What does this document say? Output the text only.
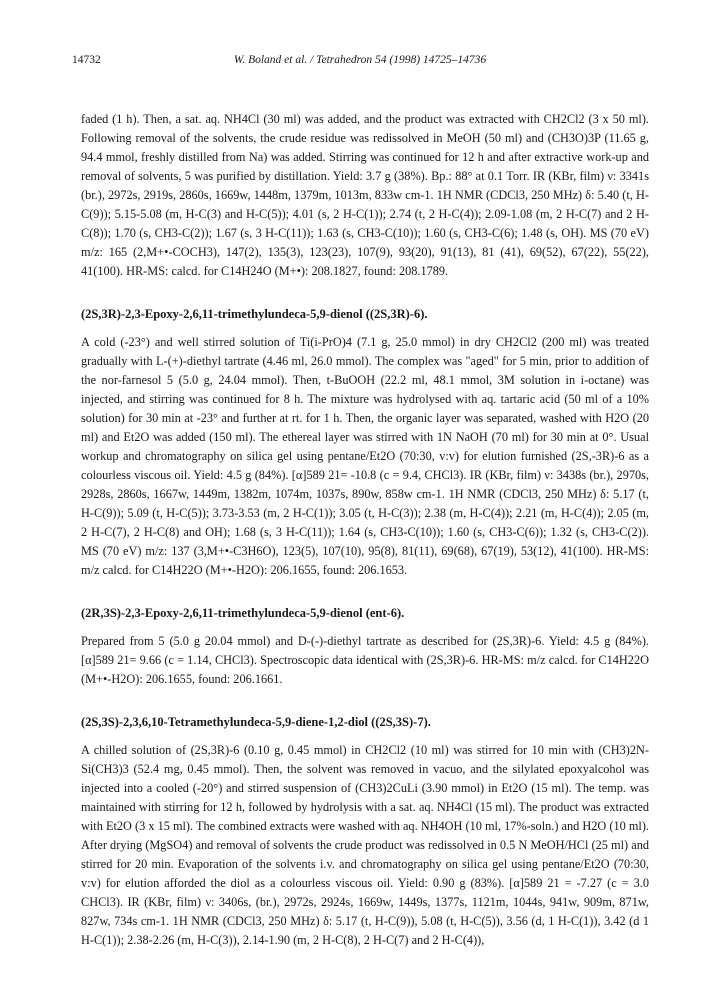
14732	W. Boland et al. / Tetrahedron 54 (1998) 14725–14736

faded (1 h). Then, a sat. aq. NH4Cl (30 ml) was added, and the product was extracted with CH2Cl2 (3 x 50 ml). Following removal of the solvents, the crude residue was redissolved in MeOH (50 ml) and (CH3O)3P (11.65 g, 94.4 mmol, freshly distilled from Na) was added. Stirring was continued for 12 h and after extractive work-up and removal of solvents, 5 was purified by distillation. Yield: 3.7 g (38%). Bp.: 88° at 0.1 Torr. IR (KBr, film) ν: 3341s (br.), 2972s, 2919s, 2860s, 1669w, 1448m, 1379m, 1013m, 833w cm-1. 1H NMR (CDCl3, 250 MHz) δ: 5.40 (t, H-C(9)); 5.15-5.08 (m, H-C(3) and H-C(5)); 4.01 (s, 2 H-C(1)); 2.74 (t, 2 H-C(4)); 2.09-1.08 (m, 2 H-C(7) and 2 H-C(8)); 1.70 (s, CH3-C(2)); 1.67 (s, 3 H-C(11)); 1.63 (s, CH3-C(10)); 1.60 (s, CH3-C(6); 1.48 (s, OH). MS (70 eV) m/z: 165 (2,M+•-COCH3), 147(2), 135(3), 123(23), 107(9), 93(20), 91(13), 81 (41), 69(52), 67(22), 55(22), 41(100). HR-MS: calcd. for C14H24O (M+•): 208.1827, found: 208.1789.

(2S,3R)-2,3-Epoxy-2,6,11-trimethylundeca-5,9-dienol ((2S,3R)-6).

A cold (-23°) and well stirred solution of Ti(i-PrO)4 (7.1 g, 25.0 mmol) in dry CH2Cl2 (200 ml) was treated gradually with L-(+)-diethyl tartrate (4.46 ml, 26.0 mmol). The complex was "aged" for 5 min, prior to addition of the nor-farnesol 5 (5.0 g, 24.04 mmol). Then, t-BuOOH (22.2 ml, 48.1 mmol, 3M solution in i-octane) was injected, and stirring was continued for 8 h. The mixture was hydrolysed with aq. tartaric acid (50 ml of a 10% solution) for 30 min at -23° and further at rt. for 1 h. Then, the organic layer was separated, washed with H2O (20 ml) and Et2O was added (150 ml). The ethereal layer was stirred with 1N NaOH (70 ml) for 30 min at 0°. Usual workup and chromatography on silica gel using pentane/Et2O (70:30, v:v) for elution furnished (2S,-3R)-6 as a colourless viscous oil. Yield: 4.5 g (84%). [α]589 21= -10.8 (c = 9.4, CHCl3). IR (KBr, film) ν: 3438s (br.), 2970s, 2928s, 2860s, 1667w, 1449m, 1382m, 1074m, 1037s, 890w, 858w cm-1. 1H NMR (CDCl3, 250 MHz) δ: 5.17 (t, H-C(9)); 5.09 (t, H-C(5)); 3.73-3.53 (m, 2 H-C(1)); 3.05 (t, H-C(3)); 2.38 (m, H-C(4)); 2.21 (m, H-C(4)); 2.05 (m, 2 H-C(7), 2 H-C(8) and OH); 1.68 (s, 3 H-C(11)); 1.64 (s, CH3-C(10)); 1.60 (s, CH3-C(6)); 1.32 (s, CH3-C(2)). MS (70 eV) m/z: 137 (3,M+•-C3H6O), 123(5), 107(10), 95(8), 81(11), 69(68), 67(19), 53(12), 41(100). HR-MS: m/z calcd. for C14H22O (M+•-H2O): 206.1655, found: 206.1653.

(2R,3S)-2,3-Epoxy-2,6,11-trimethylundeca-5,9-dienol (ent-6).

Prepared from 5 (5.0 g 20.04 mmol) and D-(-)-diethyl tartrate as described for (2S,3R)-6. Yield: 4.5 g (84%). [α]589 21= 9.66 (c = 1.14, CHCl3). Spectroscopic data identical with (2S,3R)-6. HR-MS: m/z calcd. for C14H22O (M+•-H2O): 206.1655, found: 206.1661.

(2S,3S)-2,3,6,10-Tetramethylundeca-5,9-diene-1,2-diol ((2S,3S)-7).

A chilled solution of (2S,3R)-6 (0.10 g, 0.45 mmol) in CH2Cl2 (10 ml) was stirred for 10 min with (CH3)2N-Si(CH3)3 (52.4 mg, 0.45 mmol). Then, the solvent was removed in vacuo, and the silylated epoxyalcohol was injected into a cooled (-20°) and stirred suspension of (CH3)2CuLi (3.90 mmol) in Et2O (15 ml). The temp. was maintained with stirring for 12 h, followed by hydrolysis with a sat. aq. NH4Cl (15 ml). The product was extracted with Et2O (3 x 15 ml). The combined extracts were washed with aq. NH4OH (10 ml, 17%-soln.) and H2O (10 ml). After drying (MgSO4) and removal of solvents the crude product was redissolved in 0.5 N MeOH/HCl (25 ml) and stirred for 20 min. Evaporation of the solvents i.v. and chromatography on silica gel using pentane/Et2O (70:30, v:v) for elution afforded the diol as a colourless viscous oil. Yield: 0.90 g (83%). [α]589 21 = -7.27 (c = 3.0 CHCl3). IR (KBr, film) ν: 3406s, (br.), 2972s, 2924s, 1669w, 1449s, 1377s, 1121m, 1044s, 941w, 909m, 871w, 827w, 734s cm-1. 1H NMR (CDCl3, 250 MHz) δ: 5.17 (t, H-C(9)), 5.08 (t, H-C(5)), 3.56 (d, 1 H-C(1)), 3.42 (d 1 H-C(1)); 2.38-2.26 (m, H-C(3)), 2.14-1.90 (m, 2 H-C(8), 2 H-C(7) and 2 H-C(4)),
